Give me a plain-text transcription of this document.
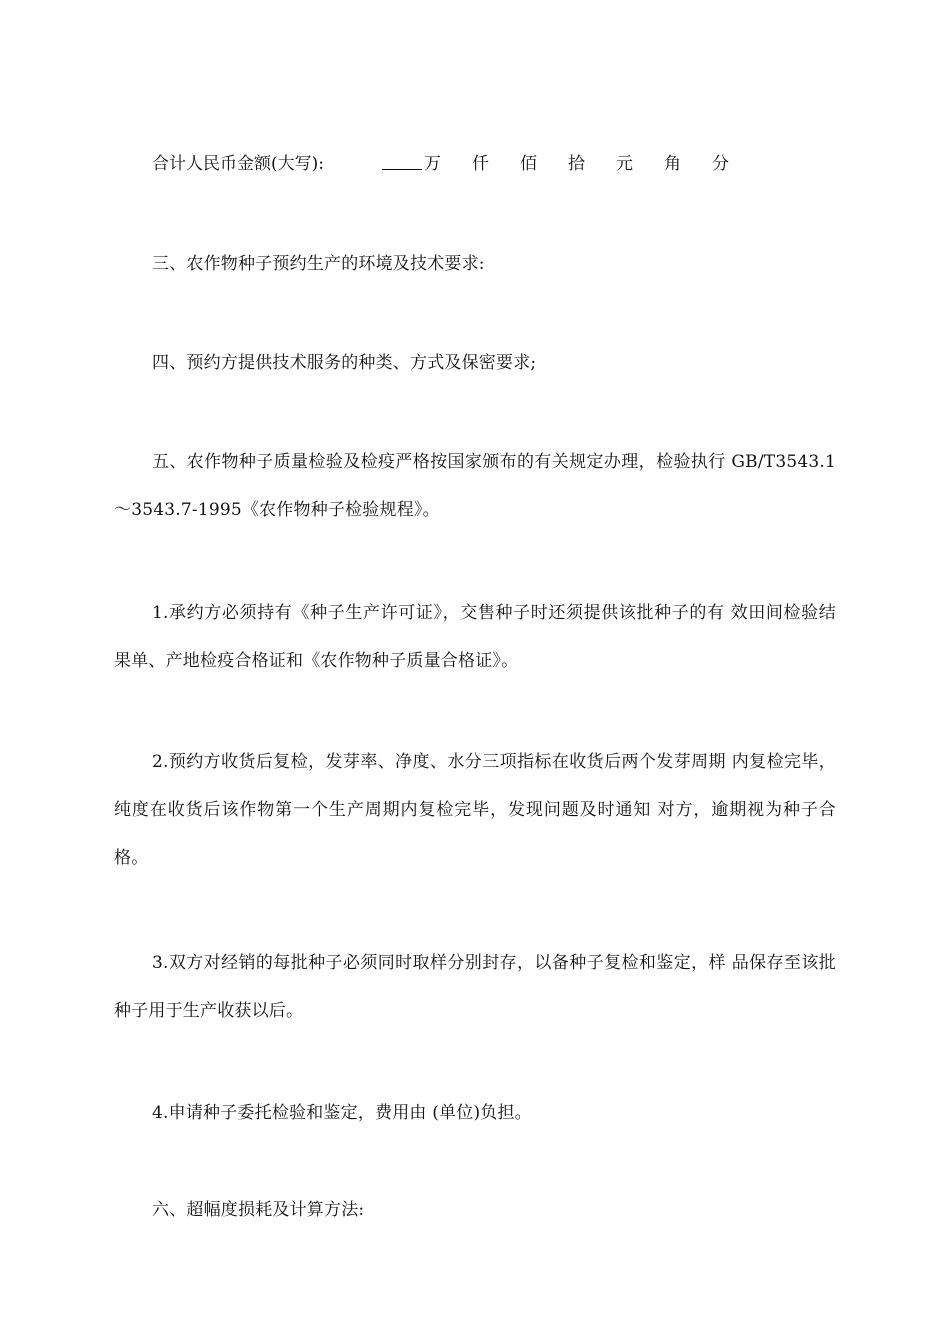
合计人民币金额(大写):	万 仟 佰 拾 元 角 分

三、农作物种子预约生产的环境及技术要求:

四、预约方提供技术服务的种类、方式及保密要求;

五、农作物种子质量检验及检疫严格按国家颁布的有关规定办理，检验执行 GB/T3543.1～3543.7-1995《农作物种子检验规程》。

1.承约方必须持有《种子生产许可证》，交售种子时还须提供该批种子的有 效田间检验结果单、产地检疫合格证和《农作物种子质量合格证》。

2.预约方收货后复检，发芽率、净度、水分三项指标在收货后两个发芽周期 内复检完毕，纯度在收货后该作物第一个生产周期内复检完毕，发现问题及时通知 对方，逾期视为种子合格。

3.双方对经销的每批种子必须同时取样分别封存，以备种子复检和鉴定，样 品保存至该批种子用于生产收获以后。

4.申请种子委托检验和鉴定，费用由 (单位)负担。

六、超幅度损耗及计算方法:
